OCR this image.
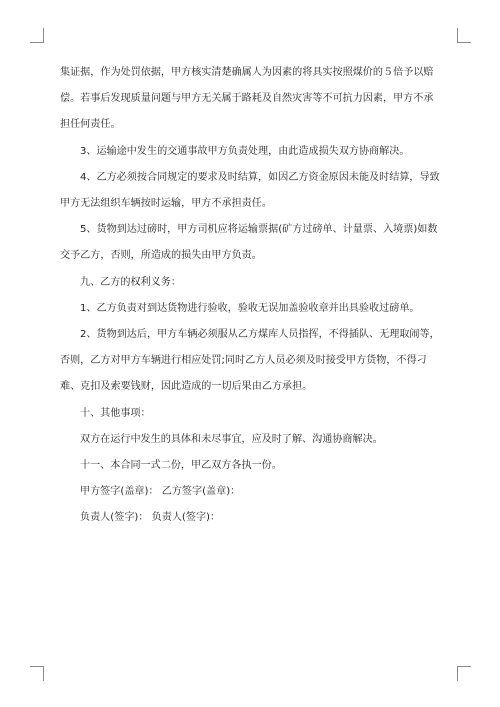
集证据，作为处罚依据，甲方核实清楚确属人为因素的将具实按照煤价的５倍予以赔偿。若事后发现质量问题与甲方无关属于路耗及自然灾害等不可抗力因素，甲方不承担任何责任。

3、运输途中发生的交通事故甲方负责处理，由此造成损失双方协商解决。

4、乙方必须按合同规定的要求及时结算，如因乙方资金原因未能及时结算，导致甲方无法组织车辆按时运输，甲方不承担责任。

5、货物到达过磅时，甲方司机应将运输票据(矿方过磅单、计量票、入境票)如数交予乙方，否则，所造成的损失由甲方负责。

九、乙方的权利义务：

1、乙方负责对到达货物进行验收，验收无误加盖验收章并出具验收过磅单。

2、货物到达后，甲方车辆必须服从乙方煤库人员指挥，不得插队、无理取闹等，否则，乙方对甲方车辆进行相应处罚;同时乙方人员必须及时接受甲方货物，不得刁难、克扣及索要钱财，因此造成的一切后果由乙方承担。

十、其他事项：

双方在运行中发生的具体和未尽事宜，应及时了解、沟通协商解决。

十一、本合同一式二份，甲乙双方各执一份。

甲方签字(盖章)： 乙方签字(盖章)：

负责人(签字)： 负责人(签字)：
